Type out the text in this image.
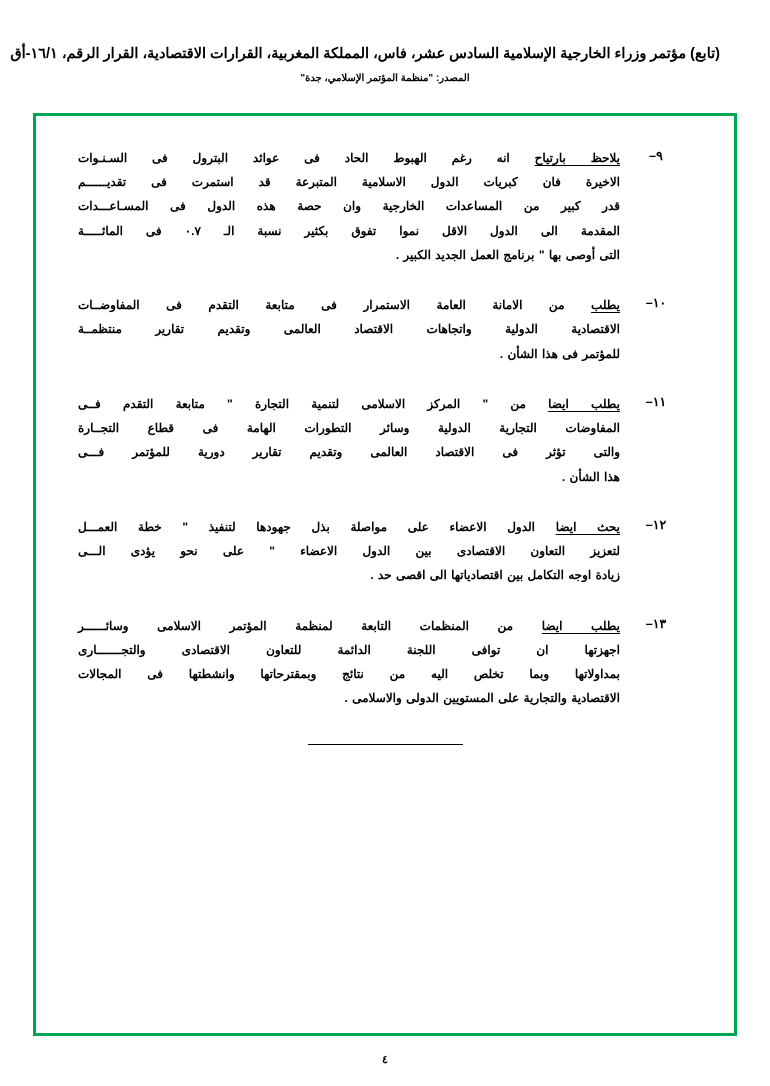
(تابع) مؤتمر وزراء الخارجية الإسلامية السادس عشر، فاس، المملكة المغربية، القرارات الاقتصادية، القرار الرقم، ١٦/١-أق
المصدر: "منظمة المؤتمر الإسلامي، جدة"
٩–
يلاحظ بارتياح انه رغم الهبوط الحاد فى عوائد البترول فى السـنـوات
الاخيرة فان كبريات الدول الاسلامية المتبرعة قد استمرت فى تقديــــــم
قدر كبير من المساعدات الخارجية وان حصة هذه الدول فى المسـاعـــدات
المقدمة الى الدول الاقل نموا تفوق بكثير نسبة الـ ٠.٧ فى المائـــــة
التى أوصى بها " برنامج العمل الجديد الكبير .
١٠–
يطلب من الامانة العامة الاستمرار فى متابعة التقدم فى المفاوضــات
الاقتصادية الدولية واتجاهات الاقتصاد العالمى وتقديم تقارير منتظمــة
للمؤتمر فى هذا الشأن .
١١–
يطلب ايضا من " المركز الاسلامى لتنمية التجارة " متابعة التقدم فــى
المفاوضات التجارية الدولية وسائر التطورات الهامة فى قطاع التجــارة
والتى تؤثر فى الاقتصاد العالمى وتقديم تقارير دورية للمؤتمر فـــى
هذا الشأن .
١٢–
يحث ايضا الدول الاعضاء على مواصلة بذل جهودها لتنفيذ " خطة العمـــل
لتعزيز التعاون الاقتصادى بين الدول الاعضاء " على نحو يؤدى الـــى
زيادة اوجه التكامل بين اقتصادياتها الى اقصى حد .
١٣–
يطلب ايضا من المنظمات التابعة لمنظمة المؤتمر الاسلامى وسائــــــر
اجهزتها ان توافى اللجنة الدائمة للتعاون الاقتصادى والتجـــــــارى
بمداولاتها وبما تخلص اليه من نتائج وبمقترحاتها وانشطتها فى المجالات
الاقتصادية والتجارية على المستويين الدولى والاسلامى .
٤
